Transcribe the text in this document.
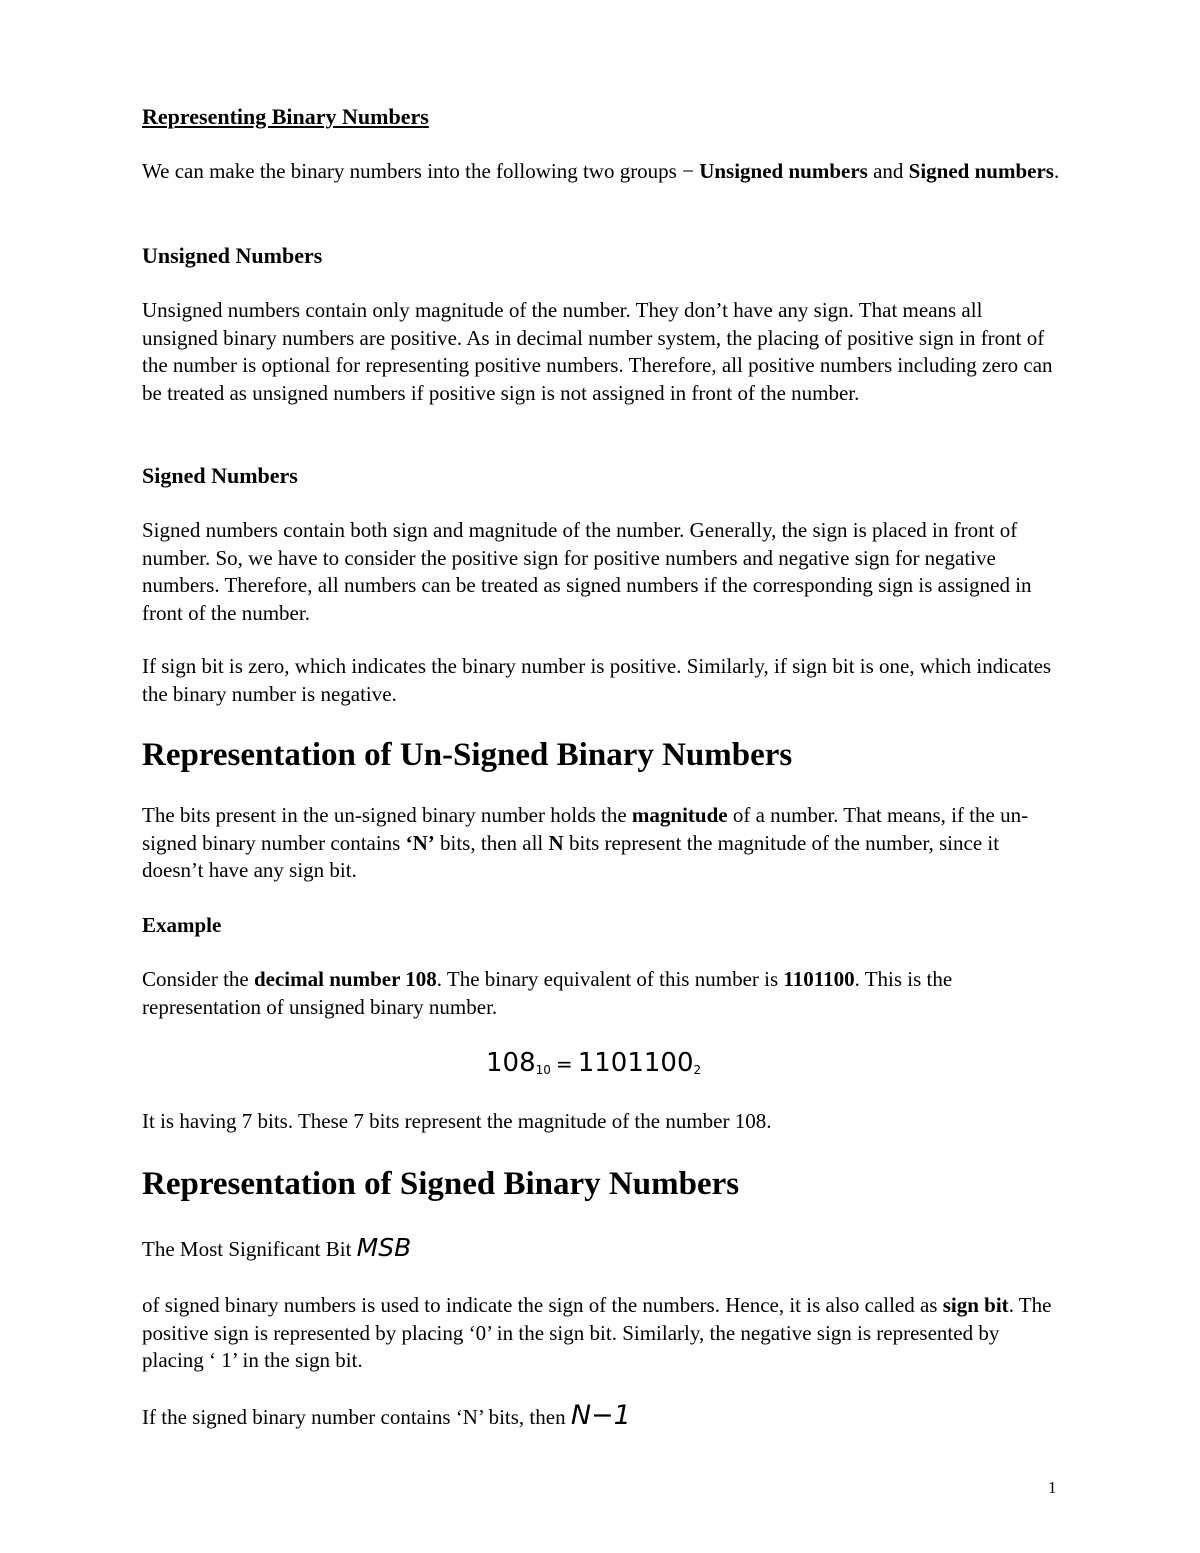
Representing Binary Numbers

We can make the binary numbers into the following two groups − Unsigned numbers and Signed numbers.

Unsigned Numbers

Unsigned numbers contain only magnitude of the number. They don’t have any sign. That means all unsigned binary numbers are positive. As in decimal number system, the placing of positive sign in front of the number is optional for representing positive numbers. Therefore, all positive numbers including zero can be treated as unsigned numbers if positive sign is not assigned in front of the number.

Signed Numbers

Signed numbers contain both sign and magnitude of the number. Generally, the sign is placed in front of number. So, we have to consider the positive sign for positive numbers and negative sign for negative numbers. Therefore, all numbers can be treated as signed numbers if the corresponding sign is assigned in front of the number.

If sign bit is zero, which indicates the binary number is positive. Similarly, if sign bit is one, which indicates the binary number is negative.

Representation of Un-Signed Binary Numbers

The bits present in the un-signed binary number holds the magnitude of a number. That means, if the un-signed binary number contains ‘N’ bits, then all N bits represent the magnitude of the number, since it doesn’t have any sign bit.

Example

Consider the decimal number 108. The binary equivalent of this number is 1101100. This is the representation of unsigned binary number.

$108_{10} = 1101100_2$

It is having 7 bits. These 7 bits represent the magnitude of the number 108.

Representation of Signed Binary Numbers

The Most Significant Bit MSB

of signed binary numbers is used to indicate the sign of the numbers. Hence, it is also called as sign bit. The positive sign is represented by placing ‘0’ in the sign bit. Similarly, the negative sign is represented by placing ‘ 1’ in the sign bit.

If the signed binary number contains ‘N’ bits, then N−1

1
